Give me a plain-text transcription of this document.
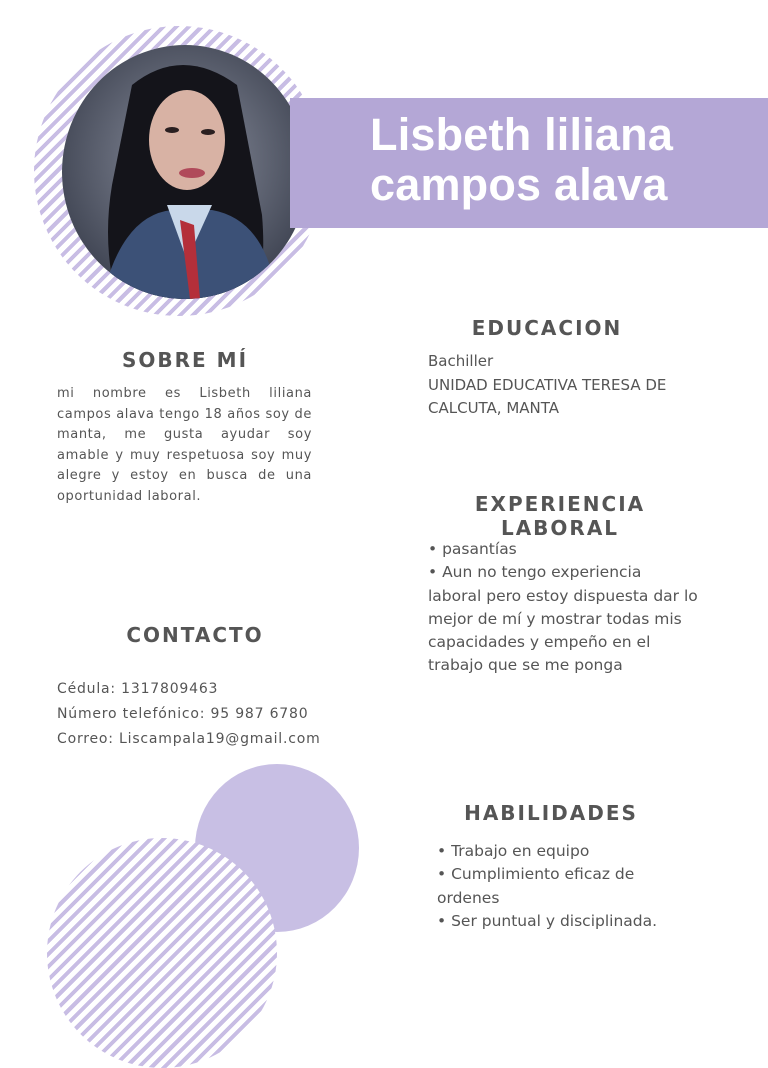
Lisbeth liliana campos alava
SOBRE MÍ
mi nombre es Lisbeth liliana campos alava tengo 18 años soy de manta, me gusta ayudar soy amable y muy respetuosa soy muy alegre y estoy en busca de una oportunidad laboral.
CONTACTO
Cédula: 1317809463
Número telefónico: 95 987 6780
Correo: Liscampala19@gmail.com
EDUCACION
Bachiller
UNIDAD EDUCATIVA TERESA DE
CALCUTA, MANTA
EXPERIENCIA LABORAL
• pasantías
• Aun no tengo experiencia laboral pero estoy dispuesta dar lo mejor de mí y mostrar todas mis capacidades y empeño en el trabajo que se me ponga
HABILIDADES
• Trabajo en equipo
• Cumplimiento eficaz de ordenes
• Ser puntual y disciplinada.
